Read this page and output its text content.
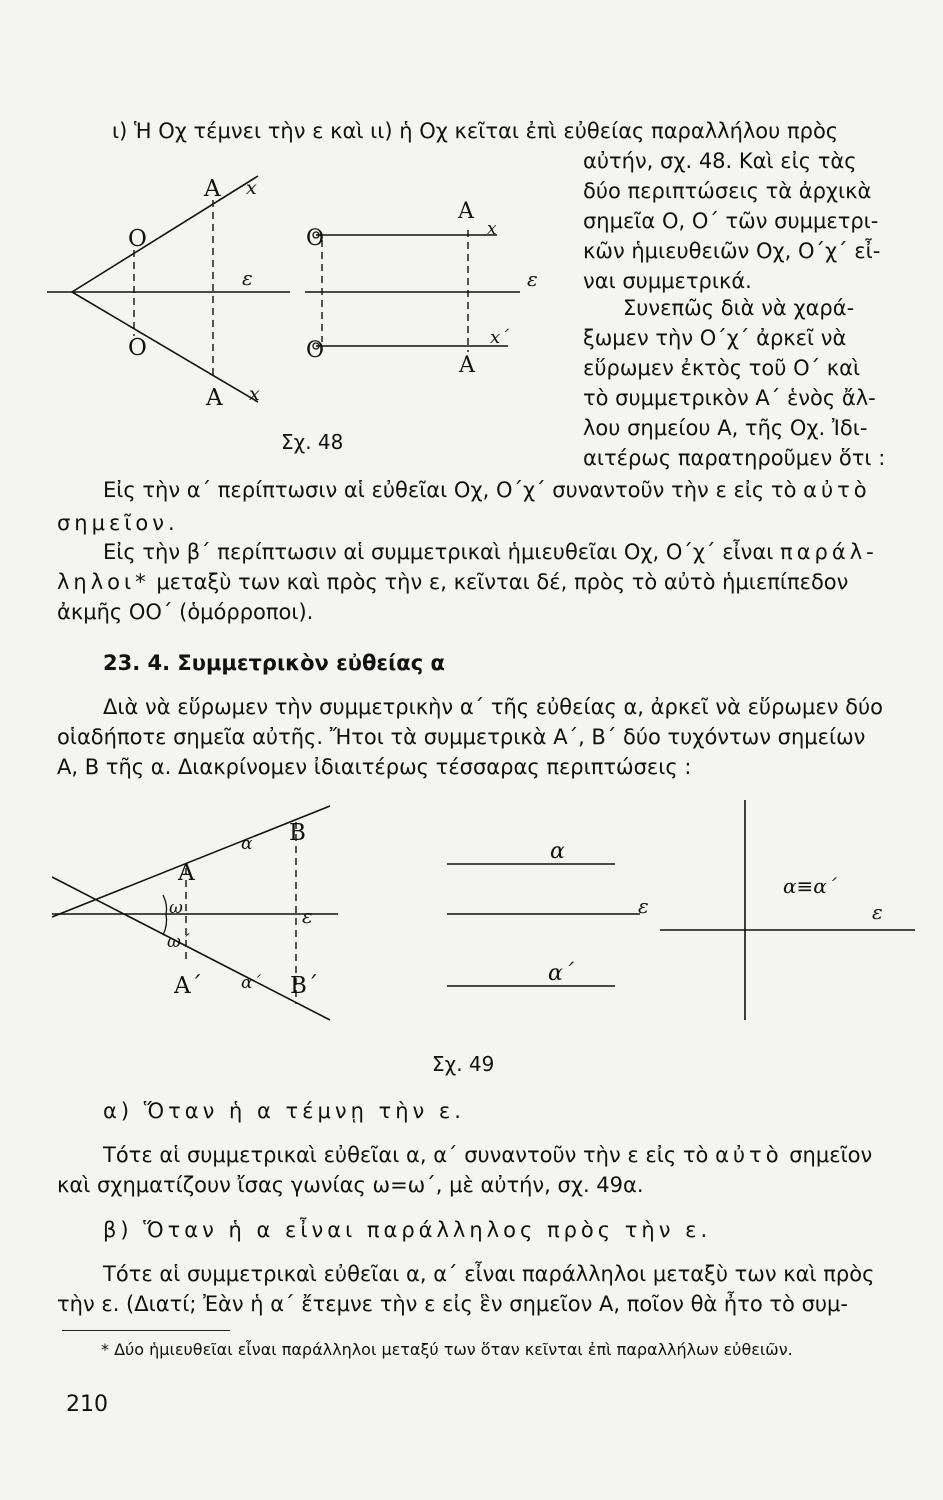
ι) Ἡ Οχ τέμνει τὴν ε καὶ ιι) ἡ Οχ κεῖται ἐπὶ εὐθείας παραλλήλου πρὸς
αὐτήν, σχ. 48. Καὶ εἰς τὰς
δύο περιπτώσεις τὰ ἀρχικὰ
σημεῖα Ο, Ο΄ τῶν συμμετρι-
κῶν ἡμιευθειῶν Οχ, Ο΄χ΄ εἶ-
ναι συμμετρικά.
Συνεπῶς διὰ νὰ χαρά-
ξωμεν τὴν Ο΄χ΄ ἀρκεῖ νὰ
εὕρωμεν ἐκτὸς τοῦ Ο΄ καὶ
τὸ συμμετρικὸν Α΄ ἑνὸς ἄλ-
λου σημείου Α, τῆς Οχ. Ἰδι-
αιτέρως παρατηροῦμεν ὅτι :
Α x
Ο
ε
Ο
Α x
Ο
Α
x
ε
Ο
Α
x΄
Σχ. 48
Εἰς τὴν α΄ περίπτωσιν αἱ εὐθεῖαι Οχ, Ο΄χ΄ συναντοῦν τὴν ε εἰς τὸ αὐτὸ
σημεῖον.
Εἰς τὴν β΄ περίπτωσιν αἱ συμμετρικαὶ ἡμιευθεῖαι Οχ, Ο΄χ΄ εἶναι παράλ-
ληλοι* μεταξὺ των καὶ πρὸς τὴν ε, κεῖνται δέ, πρὸς τὸ αὐτὸ ἡμιεπίπεδον
ἀκμῆς ΟΟ΄ (ὁμόρροποι).
23. 4. Συμμετρικὸν εὐθείας α
Διὰ νὰ εὕρωμεν τὴν συμμετρικὴν α΄ τῆς εὐθείας α, ἀρκεῖ νὰ εὕρωμεν δύο
οἱαδήποτε σημεῖα αὐτῆς. Ἤτοι τὰ συμμετρικὰ Α΄, Β΄ δύο τυχόντων σημείων
Α, Β τῆς α. Διακρίνομεν ἰδιαιτέρως τέσσαρας περιπτώσεις :
α Β
Α
ω
ω΄
ε
Α΄ α΄ Β΄
α
ε
α΄
α≡α΄
ε
Σχ. 49
α) Ὅταν ἡ α τέμνῃ τὴν ε.
Τότε αἱ συμμετρικαὶ εὐθεῖαι α, α΄ συναντοῦν τὴν ε εἰς τὸ αὐτὸ σημεῖον
καὶ σχηματίζουν ἴσας γωνίας ω=ω΄, μὲ αὐτήν, σχ. 49α.
β) Ὅταν ἡ α εἶναι παράλληλος πρὸς τὴν ε.
Τότε αἱ συμμετρικαὶ εὐθεῖαι α, α΄ εἶναι παράλληλοι μεταξὺ των καὶ πρὸς
τὴν ε. (Διατί; Ἐὰν ἡ α΄ ἔτεμνε τὴν ε εἰς ἓν σημεῖον Α, ποῖον θὰ ἦτο τὸ συμ-
* Δύο ἡμιευθεῖαι εἶναι παράλληλοι μεταξύ των ὅταν κεῖνται ἐπὶ παραλλήλων εὐθειῶν.
210
